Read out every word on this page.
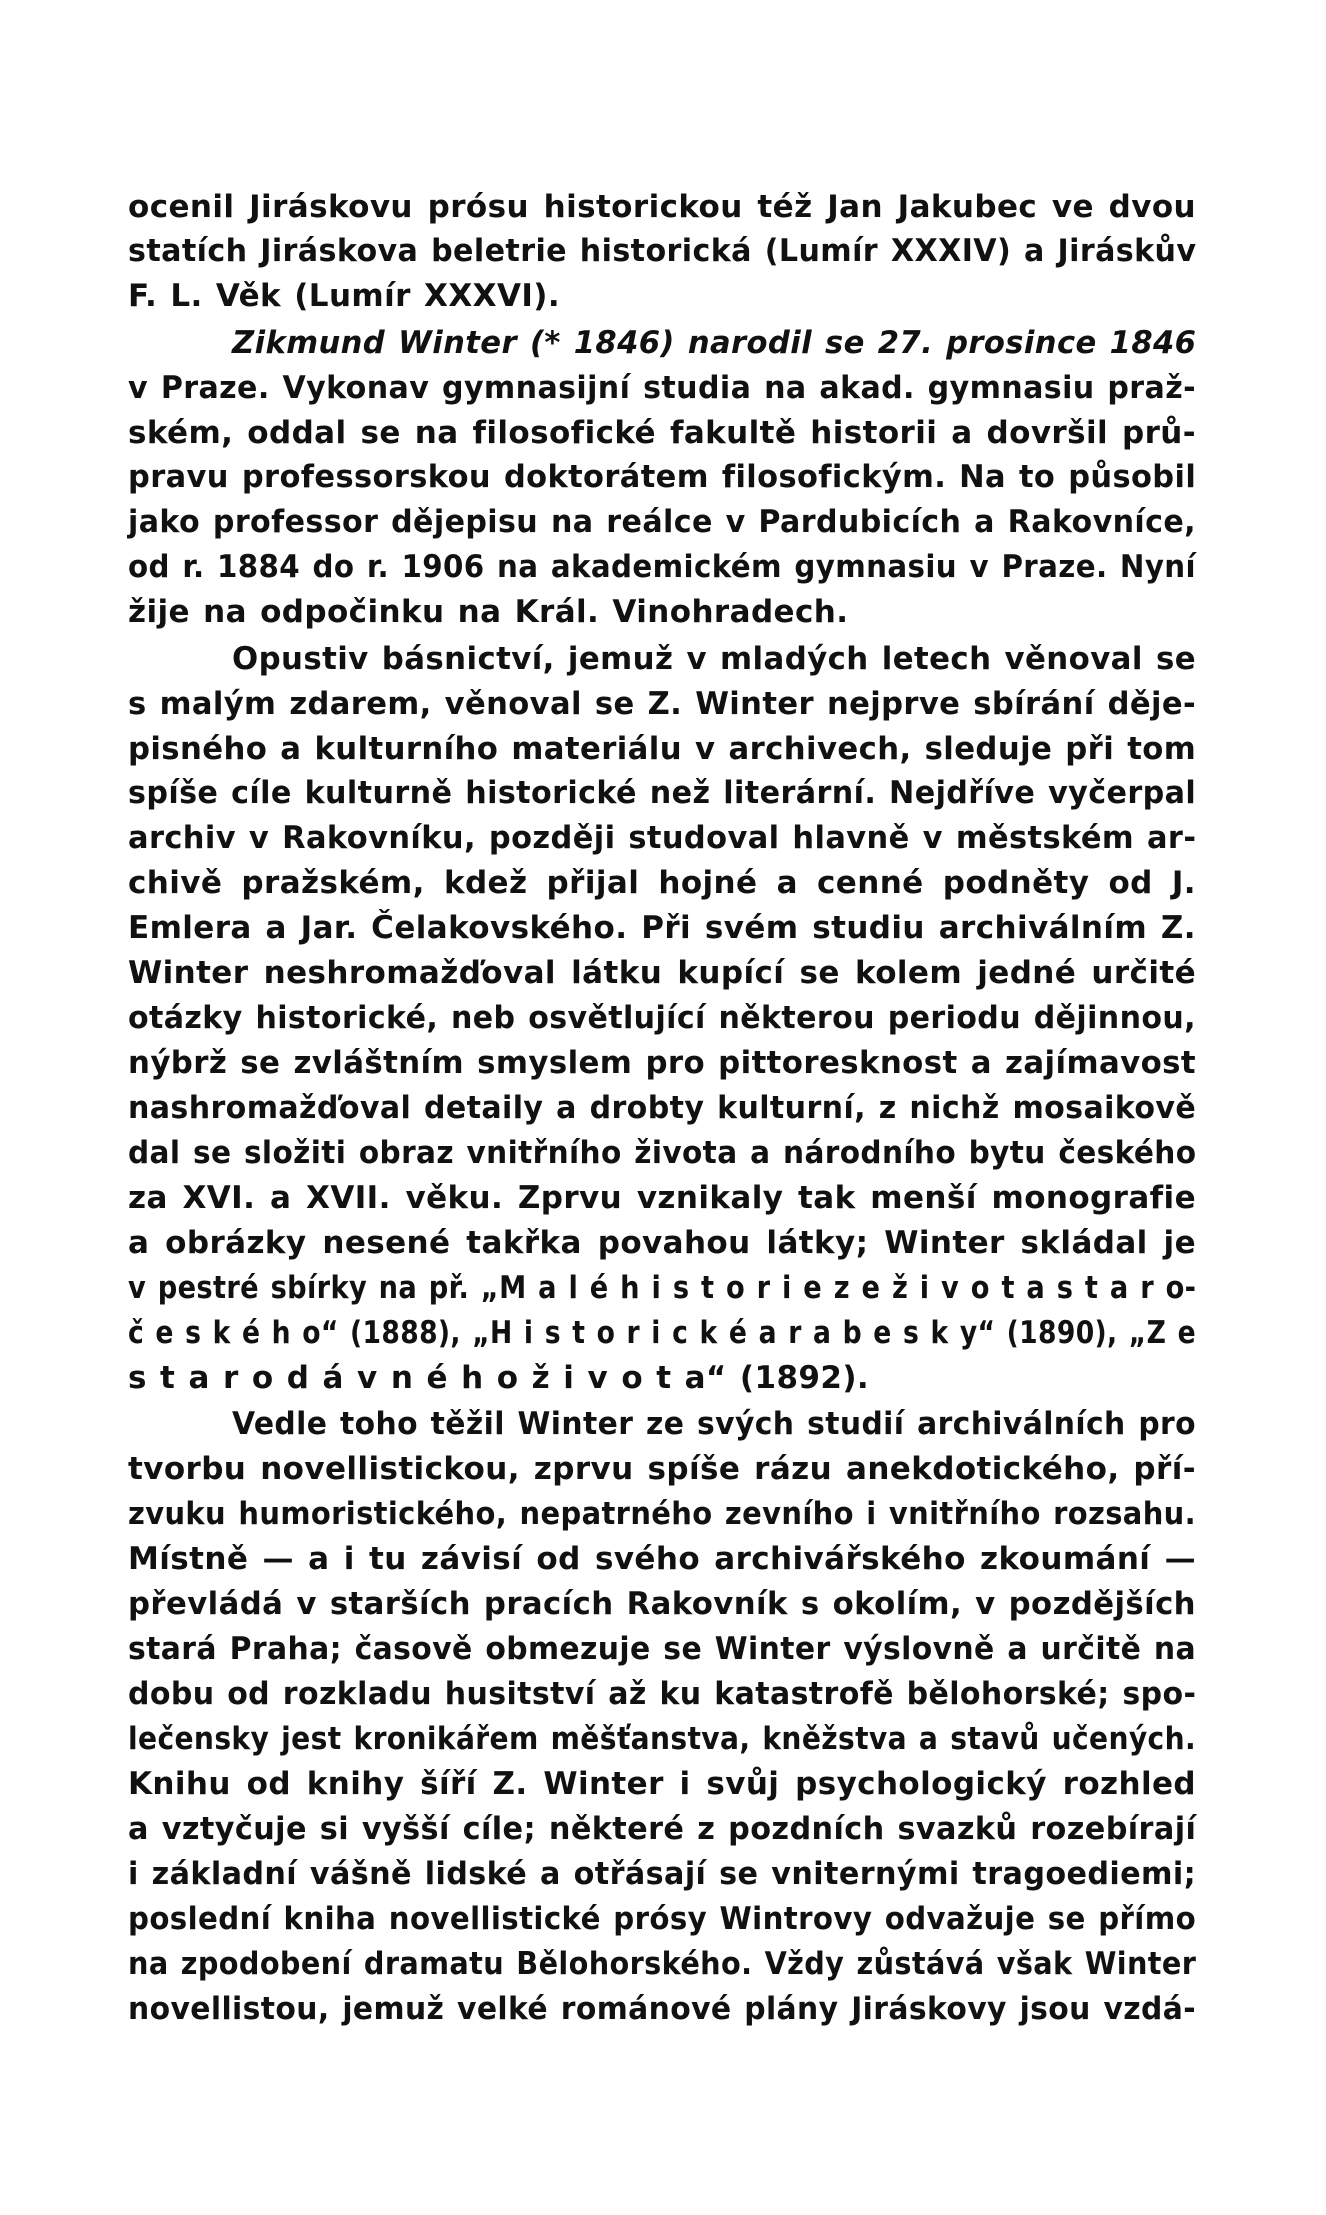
ocenil Jiráskovu prósu historickou též Jan Jakubec ve dvou
statích Jiráskova beletrie historická (Lumír XXXIV) a Jiráskův
F. L. Věk (Lumír XXXVI).
Zikmund Winter (* 1846) narodil se 27. prosince 1846
v Praze. Vykonav gymnasijní studia na akad. gymnasiu praž-
ském, oddal se na filosofické fakultě historii a dovršil prů-
pravu professorskou doktorátem filosofickým. Na to působil
jako professor dějepisu na reálce v Pardubicích a Rakovníce,
od r. 1884 do r. 1906 na akademickém gymnasiu v Praze. Nyní
žije na odpočinku na Král. Vinohradech.
Opustiv básnictví, jemuž v mladých letech věnoval se
s malým zdarem, věnoval se Z. Winter nejprve sbírání děje-
pisného a kulturního materiálu v archivech, sleduje při tom
spíše cíle kulturně historické než literární. Nejdříve vyčerpal
archiv v Rakovníku, později studoval hlavně v městském ar-
chivě pražském, kdež přijal hojné a cenné podněty od J.
Emlera a Jar. Čelakovského. Při svém studiu archiválním Z.
Winter neshromažďoval látku kupící se kolem jedné určité
otázky historické, neb osvětlující některou periodu dějinnou,
nýbrž se zvláštním smyslem pro pittoresknost a zajímavost
nashromažďoval detaily a drobty kulturní, z nichž mosaikově
dal se složiti obraz vnitřního života a národního bytu českého
za XVI. a XVII. věku. Zprvu vznikaly tak menší monografie
a obrázky nesené takřka povahou látky; Winter skládal je
v pestré sbírky na př. „M a l é h i s t o r i e z e ž i v o t a s t a r o-
č e s k é h o“ (1888), „H i s t o r i c k é a r a b e s k y“ (1890), „Z e
s t a r o d á v n é h o ž i v o t a“ (1892).
Vedle toho těžil Winter ze svých studií archiválních pro
tvorbu novellistickou, zprvu spíše rázu anekdotického, pří-
zvuku humoristického, nepatrného zevního i vnitřního rozsahu.
Místně — a i tu závisí od svého archivářského zkoumání —
převládá v starších pracích Rakovník s okolím, v pozdějších
stará Praha; časově obmezuje se Winter výslovně a určitě na
dobu od rozkladu husitství až ku katastrofě bělohorské; spo-
lečensky jest kronikářem měšťanstva, kněžstva a stavů učených.
Knihu od knihy šíří Z. Winter i svůj psychologický rozhled
a vztyčuje si vyšší cíle; některé z pozdních svazků rozebírají
i základní vášně lidské a otřásají se vniternými tragoediemi;
poslední kniha novellistické prósy Wintrovy odvažuje se přímo
na zpodobení dramatu Bělohorského. Vždy zůstává však Winter
novellistou, jemuž velké románové plány Jiráskovy jsou vzdá-
